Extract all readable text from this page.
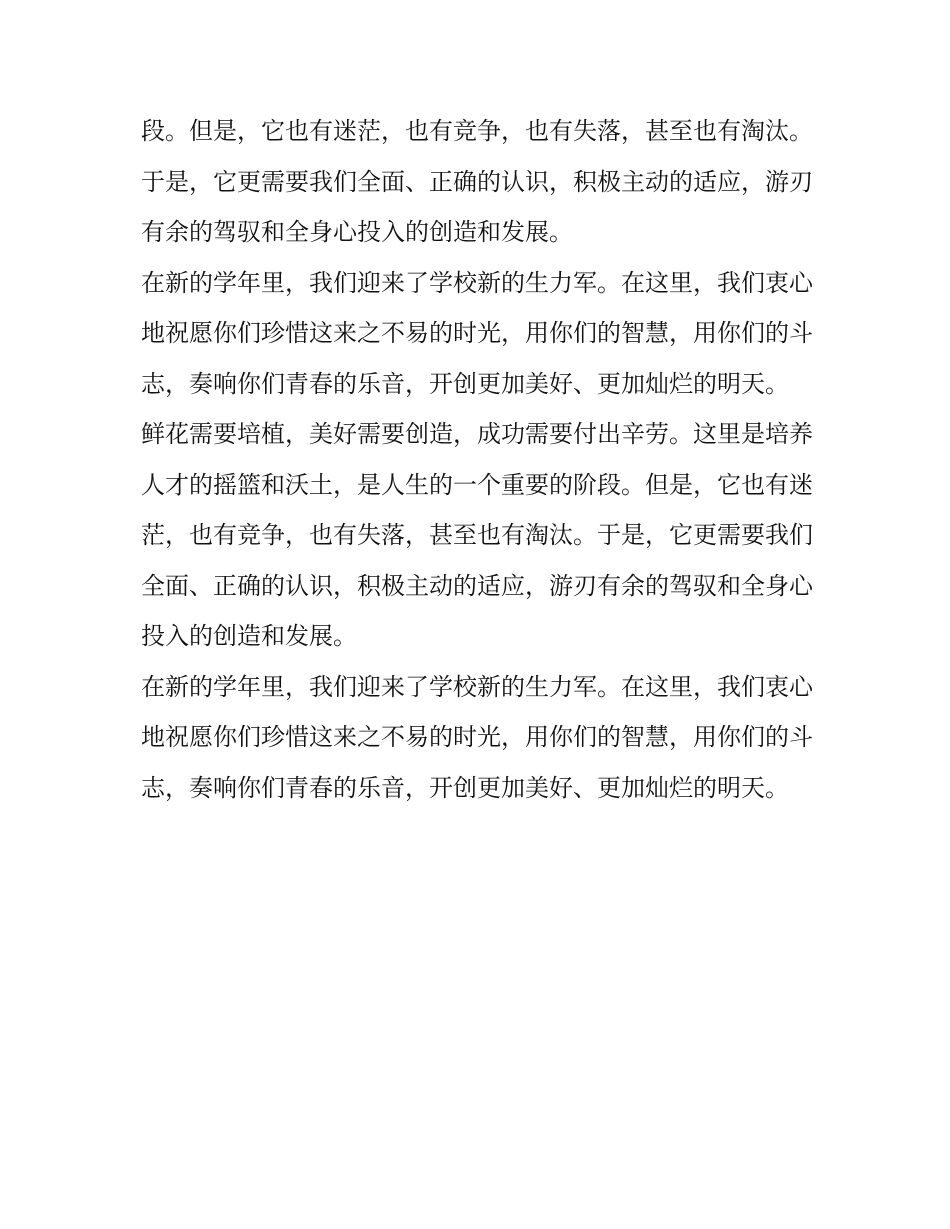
段。但是，它也有迷茫，也有竞争，也有失落，甚至也有淘汰。于是，它更需要我们全面、正确的认识，积极主动的适应，游刃有余的驾驭和全身心投入的创造和发展。

在新的学年里，我们迎来了学校新的生力军。在这里，我们衷心地祝愿你们珍惜这来之不易的时光，用你们的智慧，用你们的斗志，奏响你们青春的乐音，开创更加美好、更加灿烂的明天。

鲜花需要培植，美好需要创造，成功需要付出辛劳。这里是培养人才的摇篮和沃土，是人生的一个重要的阶段。但是，它也有迷茫，也有竞争，也有失落，甚至也有淘汰。于是，它更需要我们全面、正确的认识，积极主动的适应，游刃有余的驾驭和全身心投入的创造和发展。

在新的学年里，我们迎来了学校新的生力军。在这里，我们衷心地祝愿你们珍惜这来之不易的时光，用你们的智慧，用你们的斗志，奏响你们青春的乐音，开创更加美好、更加灿烂的明天。
